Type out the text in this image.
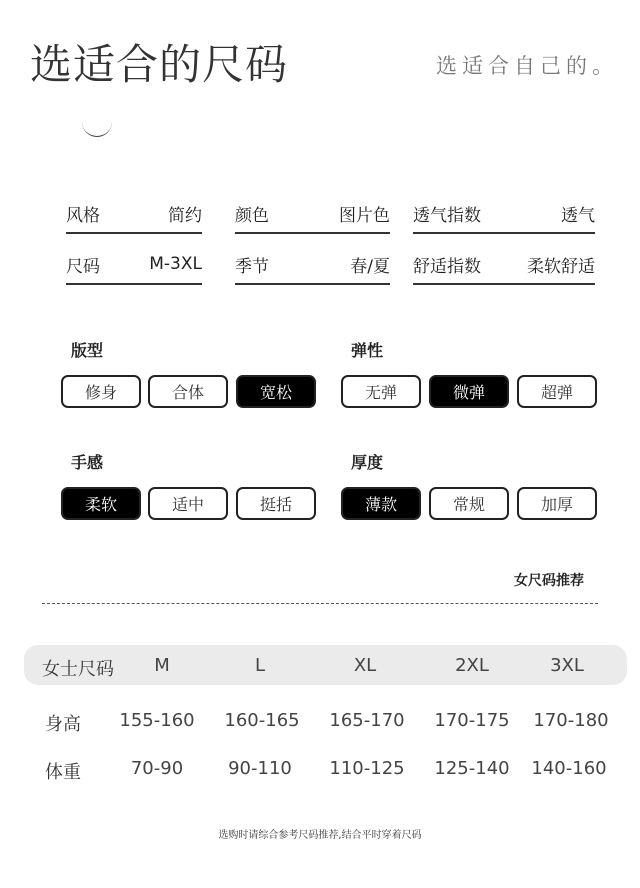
选适合的尺码	选适合自己的。
风格	简约 颜色	图片色 透气指数	透气
尺码	M-3XL 季节	春/夏 舒适指数	柔软舒适
版型
修身	合体	宽松
弹性
无弹	微弹	超弹
手感
柔软	适中	挺括
厚度
薄款	常规	加厚
女尺码推荐
女士尺码	M	L	XL	2XL	3XL
身高	155-160	160-165	165-170	170-175	170-180
体重	70-90	90-110	110-125	125-140	140-160
选购时请综合参考尺码推荐,结合平时穿着尺码
